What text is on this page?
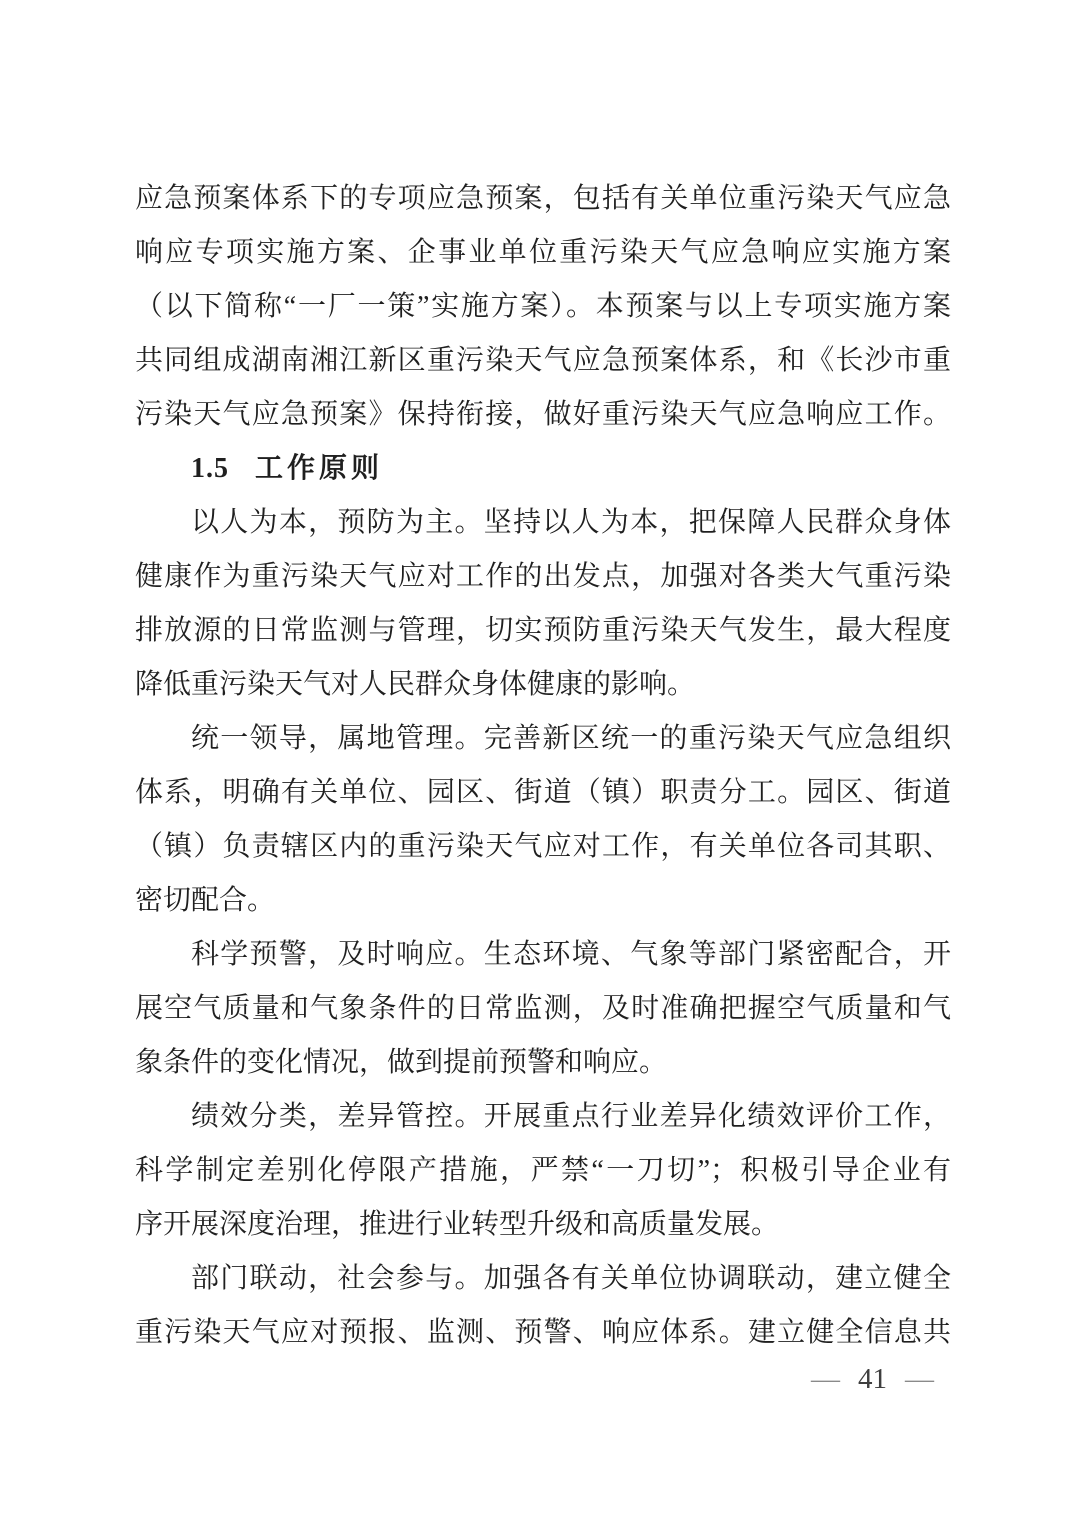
应急预案体系下的专项应急预案，包括有关单位重污染天气应急
响应专项实施方案、企事业单位重污染天气应急响应实施方案
（以下简称“一厂一策”实施方案）。本预案与以上专项实施方案
共同组成湖南湘江新区重污染天气应急预案体系，和《长沙市重
污染天气应急预案》保持衔接，做好重污染天气应急响应工作。
1.5 工作原则
以人为本，预防为主。坚持以人为本，把保障人民群众身体
健康作为重污染天气应对工作的出发点，加强对各类大气重污染
排放源的日常监测与管理，切实预防重污染天气发生，最大程度
降低重污染天气对人民群众身体健康的影响。
统一领导，属地管理。完善新区统一的重污染天气应急组织
体系，明确有关单位、园区、街道（镇）职责分工。园区、街道
（镇）负责辖区内的重污染天气应对工作，有关单位各司其职、
密切配合。
科学预警，及时响应。生态环境、气象等部门紧密配合，开
展空气质量和气象条件的日常监测，及时准确把握空气质量和气
象条件的变化情况，做到提前预警和响应。
绩效分类，差异管控。开展重点行业差异化绩效评价工作，
科学制定差别化停限产措施，严禁“一刀切”；积极引导企业有
序开展深度治理，推进行业转型升级和高质量发展。
部门联动，社会参与。加强各有关单位协调联动，建立健全
重污染天气应对预报、监测、预警、响应体系。建立健全信息共
— 41 —
